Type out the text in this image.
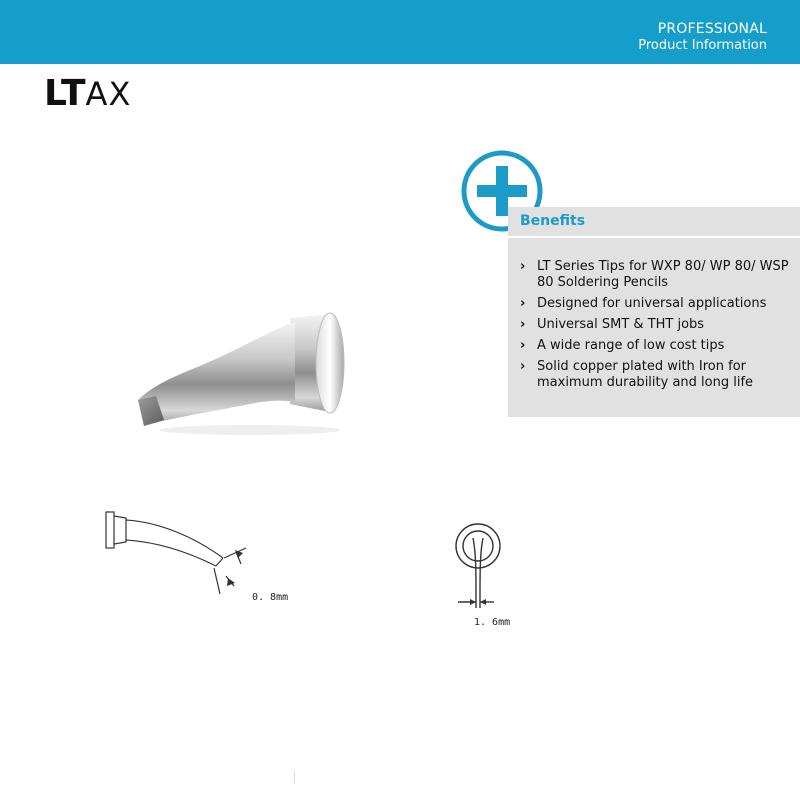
PROFESSIONAL
Product Information
LTAX
Benefits
› LT Series Tips for WXP 80/ WP 80/ WSP 80 Soldering Pencils
› Designed for universal applications
› Universal SMT & THT jobs
› A wide range of low cost tips
› Solid copper plated with Iron for maximum durability and long life
0. 8mm
1. 6mm
